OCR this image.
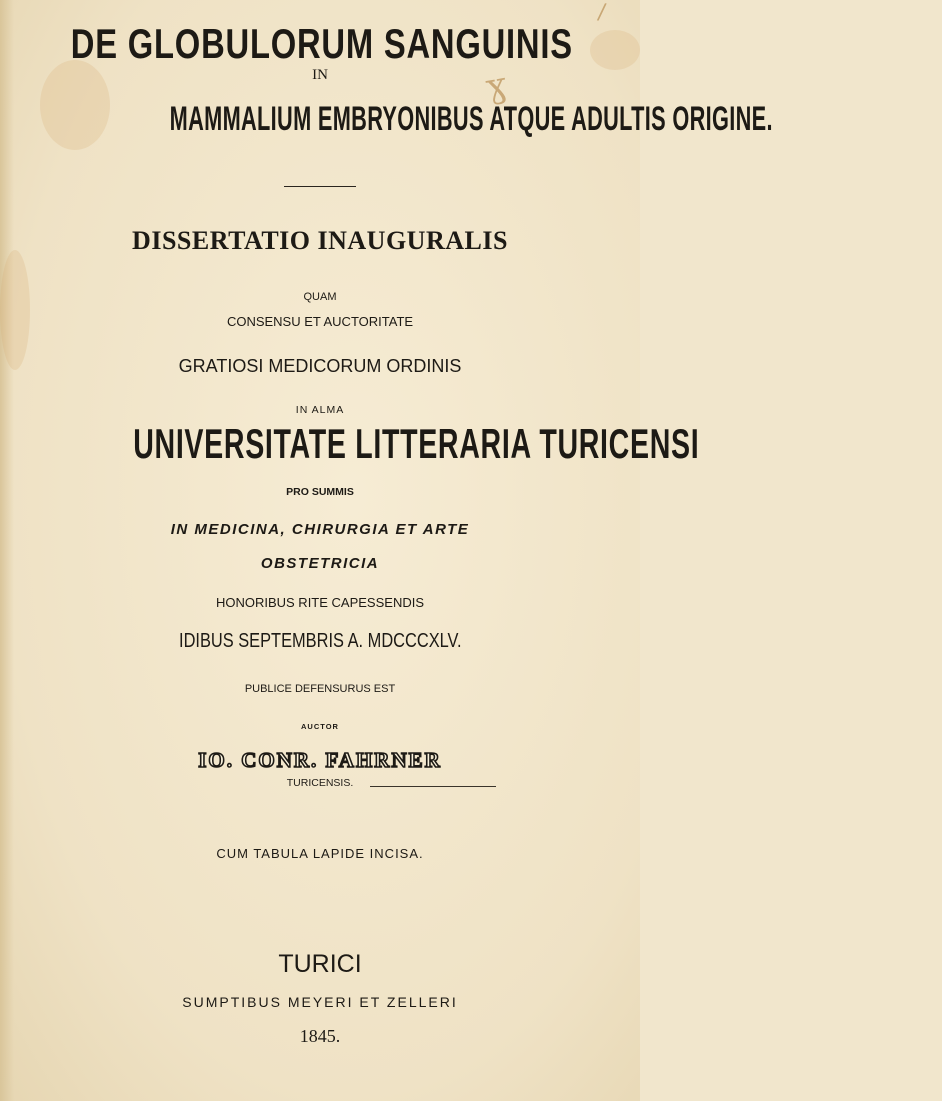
ɣ
/

DE GLOBULORUM SANGUINIS

IN

MAMMALIUM EMBRYONIBUS ATQUE ADULTIS ORIGINE.

DISSERTATIO INAUGURALIS

QUAM

CONSENSU ET AUCTORITATE

GRATIOSI MEDICORUM ORDINIS

IN ALMA

UNIVERSITATE LITTERARIA TURICENSI

PRO SUMMIS

IN MEDICINA, CHIRURGIA ET ARTE

OBSTETRICIA

HONORIBUS RITE CAPESSENDIS

IDIBUS SEPTEMBRIS A. MDCCCXLV.

PUBLICE DEFENSURUS EST

AUCTOR

IO. CONR. FAHRNER

TURICENSIS.

CUM TABULA LAPIDE INCISA.

TURICI

SUMPTIBUS MEYERI ET ZELLERI

1845.
